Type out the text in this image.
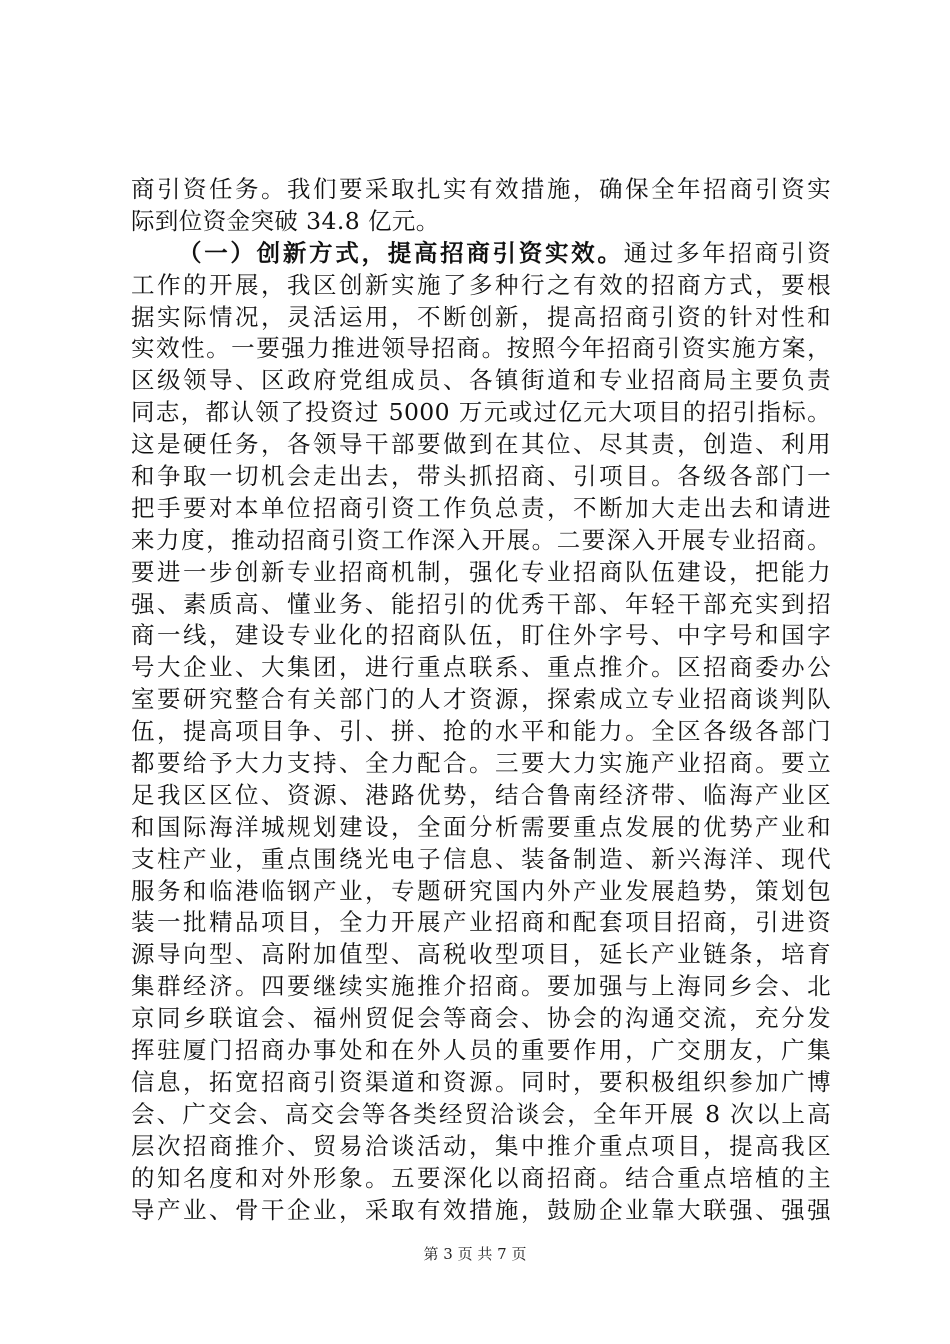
商引资任务。我们要采取扎实有效措施，确保全年招商引资实
际到位资金突破 34.8 亿元。
（一）创新方式，提高招商引资实效。通过多年招商引资
工作的开展，我区创新实施了多种行之有效的招商方式，要根
据实际情况，灵活运用，不断创新，提高招商引资的针对性和
实效性。一要强力推进领导招商。按照今年招商引资实施方案，
区级领导、区政府党组成员、各镇街道和专业招商局主要负责
同志，都认领了投资过 5000 万元或过亿元大项目的招引指标。
这是硬任务，各领导干部要做到在其位、尽其责，创造、利用
和争取一切机会走出去，带头抓招商、引项目。各级各部门一
把手要对本单位招商引资工作负总责，不断加大走出去和请进
来力度，推动招商引资工作深入开展。二要深入开展专业招商。
要进一步创新专业招商机制，强化专业招商队伍建设，把能力
强、素质高、懂业务、能招引的优秀干部、年轻干部充实到招
商一线，建设专业化的招商队伍，盯住外字号、中字号和国字
号大企业、大集团，进行重点联系、重点推介。区招商委办公
室要研究整合有关部门的人才资源，探索成立专业招商谈判队
伍，提高项目争、引、拼、抢的水平和能力。全区各级各部门
都要给予大力支持、全力配合。三要大力实施产业招商。要立
足我区区位、资源、港路优势，结合鲁南经济带、临海产业区
和国际海洋城规划建设，全面分析需要重点发展的优势产业和
支柱产业，重点围绕光电子信息、装备制造、新兴海洋、现代
服务和临港临钢产业，专题研究国内外产业发展趋势，策划包
装一批精品项目，全力开展产业招商和配套项目招商，引进资
源导向型、高附加值型、高税收型项目，延长产业链条，培育
集群经济。四要继续实施推介招商。要加强与上海同乡会、北
京同乡联谊会、福州贸促会等商会、协会的沟通交流，充分发
挥驻厦门招商办事处和在外人员的重要作用，广交朋友，广集
信息，拓宽招商引资渠道和资源。同时，要积极组织参加广博
会、广交会、高交会等各类经贸洽谈会，全年开展 8 次以上高
层次招商推介、贸易洽谈活动，集中推介重点项目，提高我区
的知名度和对外形象。五要深化以商招商。结合重点培植的主
导产业、骨干企业，采取有效措施，鼓励企业靠大联强、强强
第 3 页 共 7 页
